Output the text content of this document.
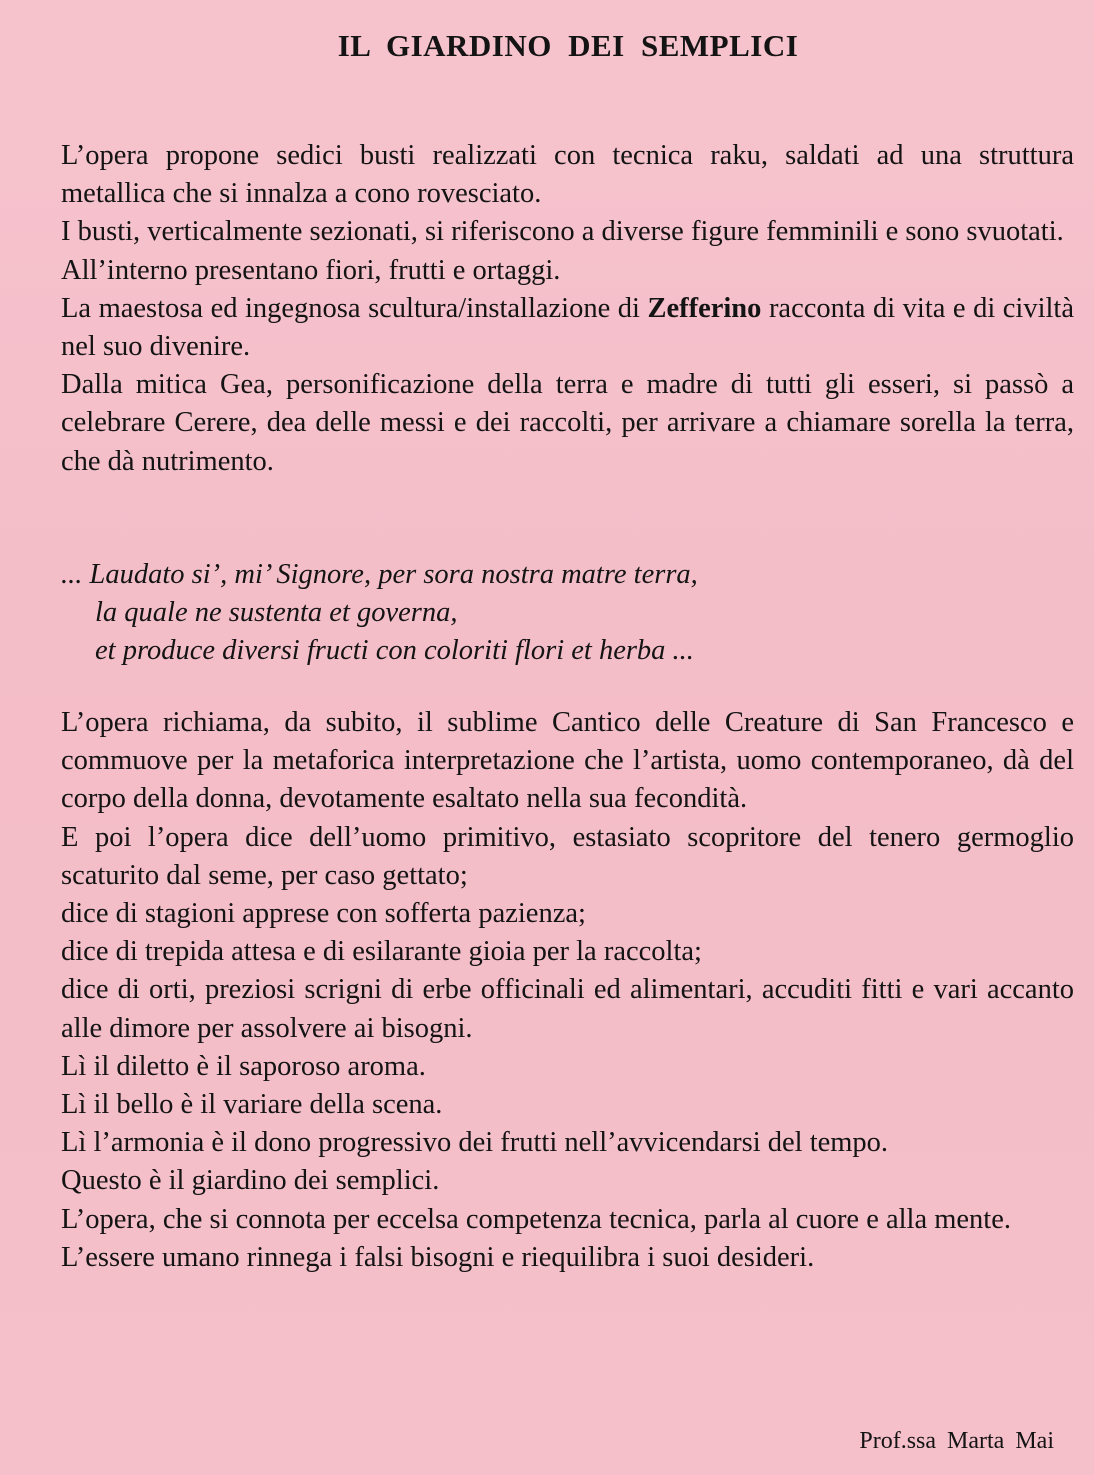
IL GIARDINO DEI SEMPLICI

L’opera propone sedici busti realizzati con tecnica raku, saldati ad una struttura metallica che si innalza a cono rovesciato.

I busti, verticalmente sezionati, si riferiscono a diverse figure femminili e sono svuotati.

All’interno presentano fiori, frutti e ortaggi.

La maestosa ed ingegnosa scultura/installazione di Zefferino racconta di vita e di civiltà nel suo divenire.

Dalla mitica Gea, personificazione della terra e madre di tutti gli esseri, si passò a celebrare Cerere, dea delle messi e dei raccolti, per arrivare a chiamare sorella la terra, che dà nutrimento.

... Laudato si’, mi’ Signore, per sora nostra matre terra,

la quale ne sustenta et governa,

et produce diversi fructi con coloriti flori et herba ...

L’opera richiama, da subito, il sublime Cantico delle Creature di San Francesco e commuove per la metaforica interpretazione che l’artista, uomo contemporaneo, dà del corpo della donna, devotamente esaltato nella sua fecondità.

E poi l’opera dice dell’uomo primitivo, estasiato scopritore del tenero germoglio scaturito dal seme, per caso gettato;

dice di stagioni apprese con sofferta pazienza;

dice di trepida attesa e di esilarante gioia per la raccolta;

dice di orti, preziosi scrigni di erbe officinali ed alimentari, accuditi fitti e vari accanto alle dimore per assolvere ai bisogni.

Lì il diletto è il saporoso aroma.

Lì il bello è il variare della scena.

Lì l’armonia è il dono progressivo dei frutti nell’avvicendarsi del tempo.

Questo è il giardino dei semplici.

L’opera, che si connota per eccelsa competenza tecnica, parla al cuore e alla mente.

L’essere umano rinnega i falsi bisogni e riequilibra i suoi desideri.

Prof.ssa Marta Mai
